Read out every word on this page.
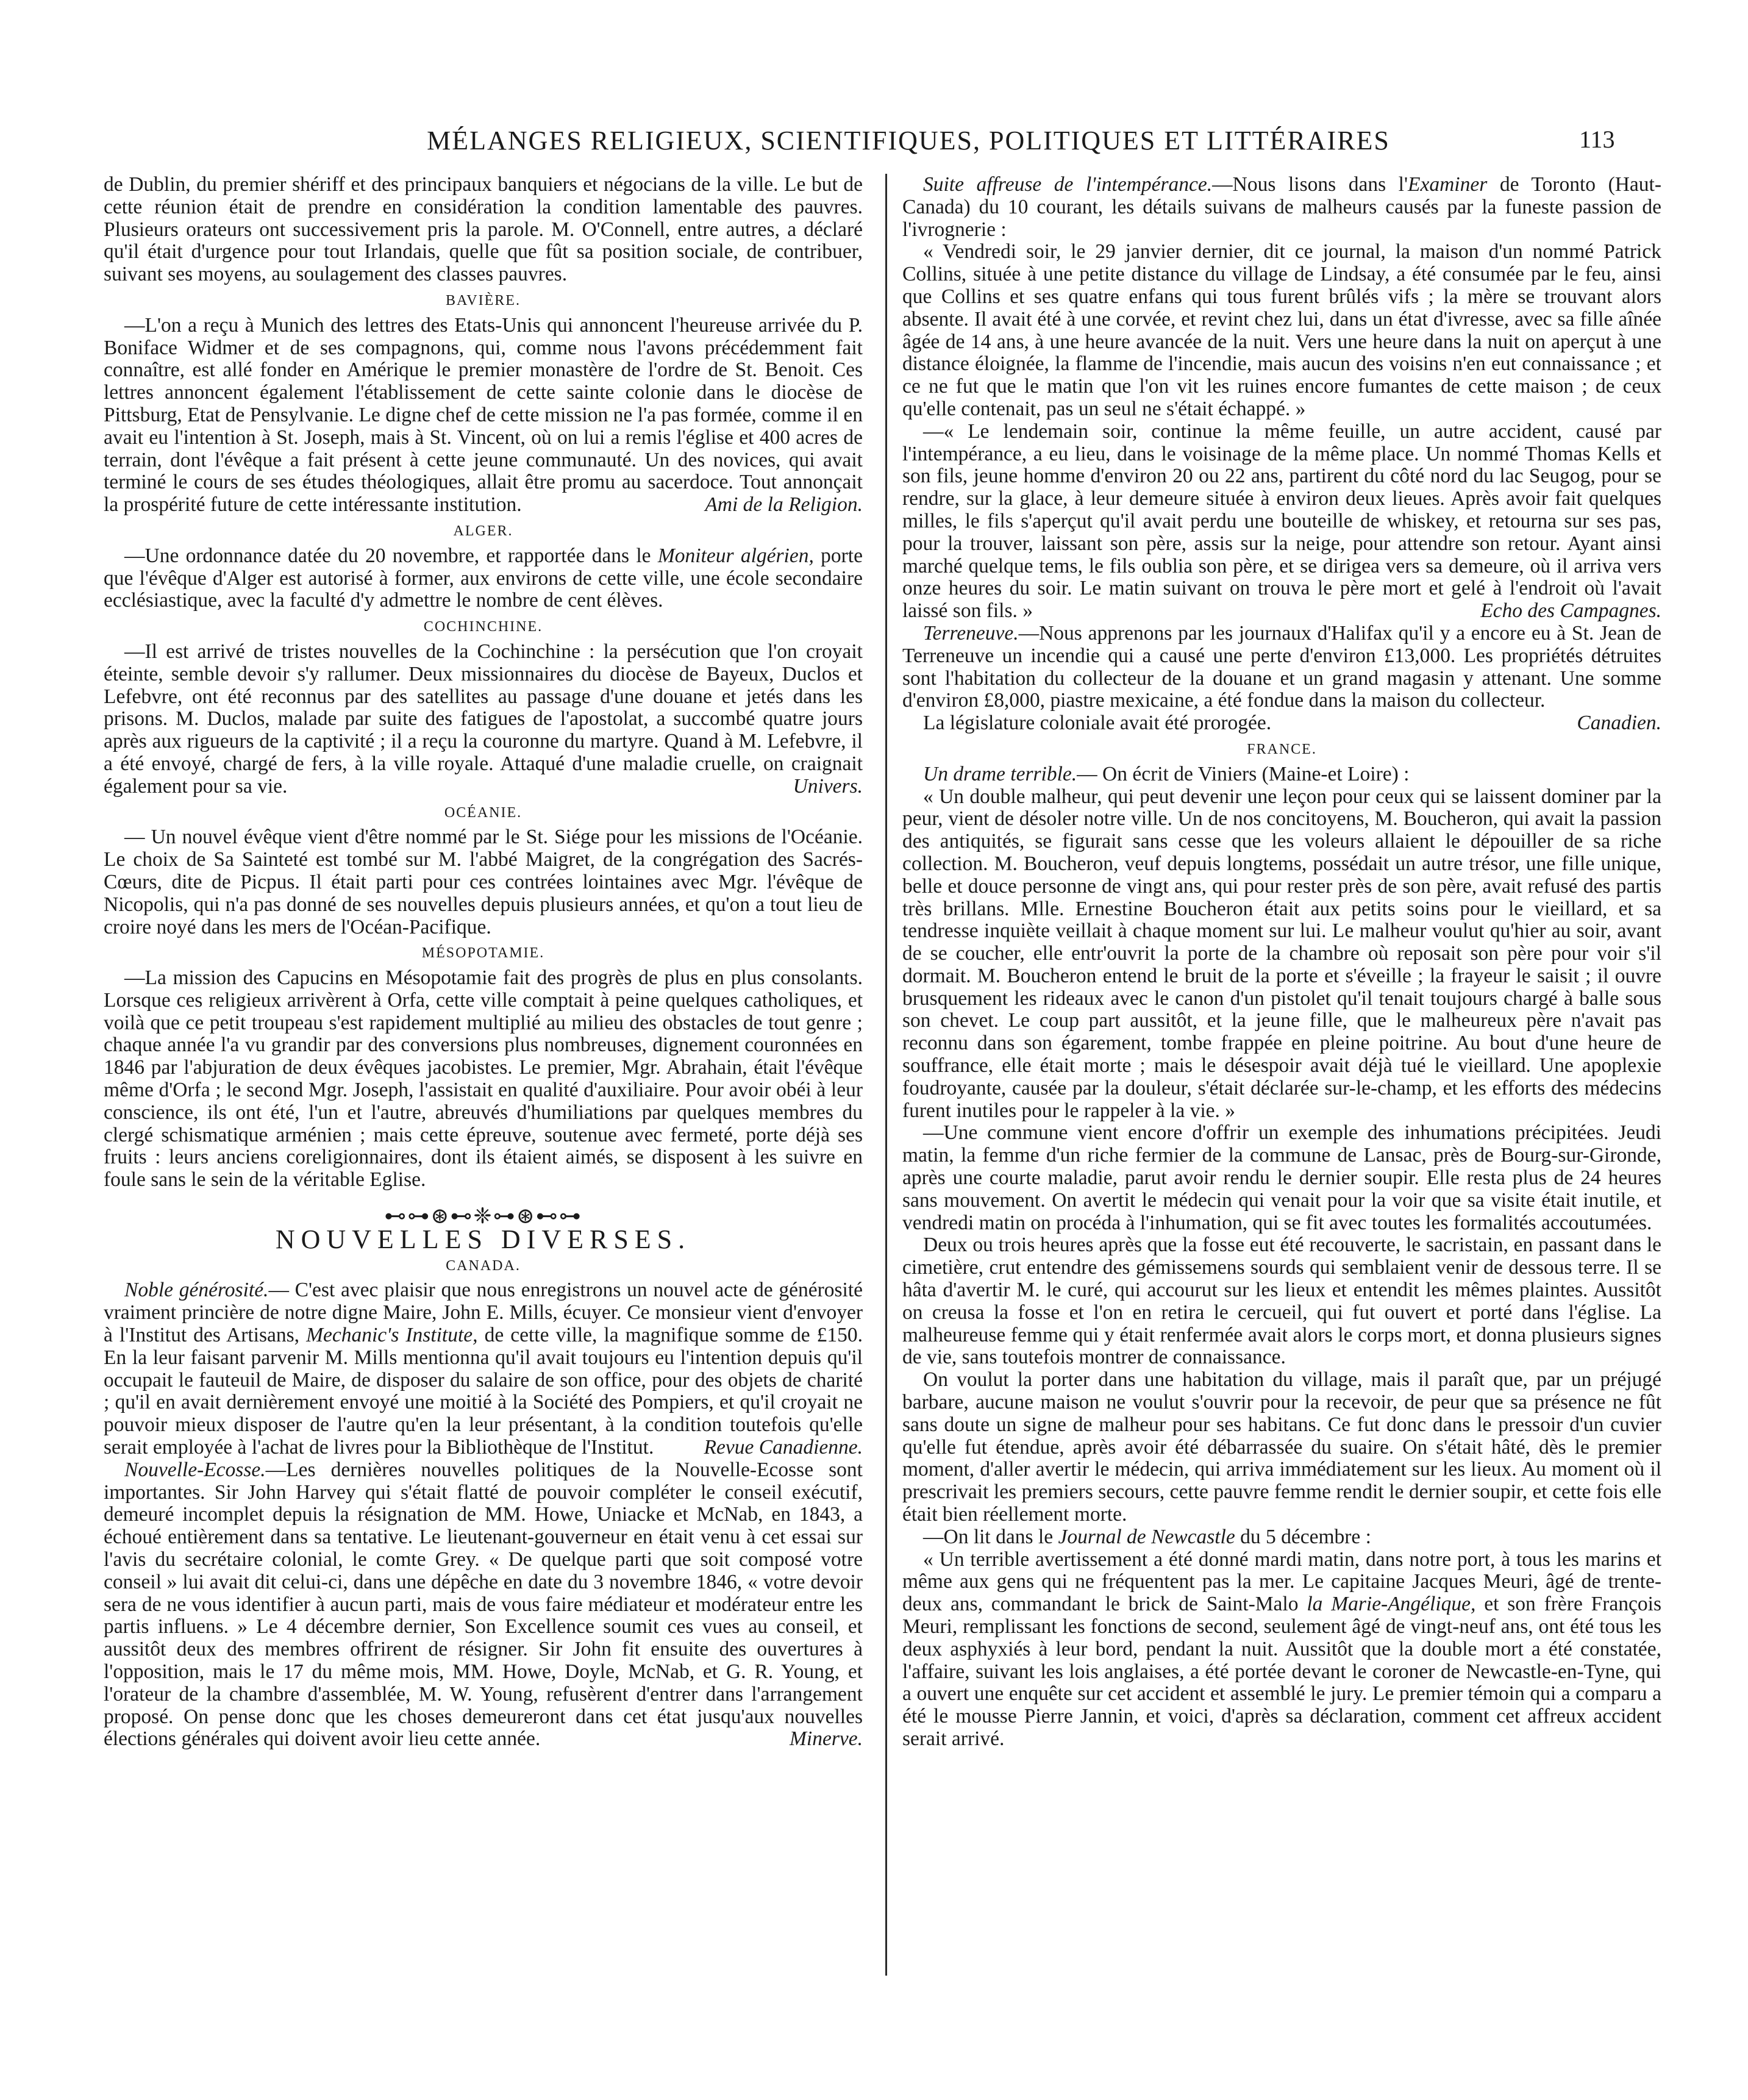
MÉLANGES RELIGIEUX, SCIENTIFIQUES, POLITIQUES ET LITTÉRAIRES	113

de Dublin, du premier shériff et des principaux banquiers et négocians de la ville. Le but de cette réunion était de prendre en considération la condition lamentable des pauvres. Plusieurs orateurs ont successivement pris la parole. M. O'Connell, entre autres, a déclaré qu'il était d'urgence pour tout Irlandais, quelle que fût sa position sociale, de contribuer, suivant ses moyens, au soulagement des classes pauvres.

BAVIÈRE.

—L'on a reçu à Munich des lettres des Etats-Unis qui annoncent l'heureuse arrivée du P. Boniface Widmer et de ses compagnons, qui, comme nous l'avons précédemment fait connaître, est allé fonder en Amérique le premier monastère de l'ordre de St. Benoit. Ces lettres annoncent également l'établissement de cette sainte colonie dans le diocèse de Pittsburg, Etat de Pensylvanie. Le digne chef de cette mission ne l'a pas formée, comme il en avait eu l'intention à St. Joseph, mais à St. Vincent, où on lui a remis l'église et 400 acres de terrain, dont l'évêque a fait présent à cette jeune communauté. Un des novices, qui avait terminé le cours de ses études théologiques, allait être promu au sacerdoce. Tout annonçait la prospérité future de cette intéressante institution.	Ami de la Religion.

ALGER.

—Une ordonnance datée du 20 novembre, et rapportée dans le Moniteur algérien, porte que l'évêque d'Alger est autorisé à former, aux environs de cette ville, une école secondaire ecclésiastique, avec la faculté d'y admettre le nombre de cent élèves.

COCHINCHINE.

—Il est arrivé de tristes nouvelles de la Cochinchine : la persécution que l'on croyait éteinte, semble devoir s'y rallumer. Deux missionnaires du diocèse de Bayeux, Duclos et Lefebvre, ont été reconnus par des satellites au passage d'une douane et jetés dans les prisons. M. Duclos, malade par suite des fatigues de l'apostolat, a succombé quatre jours après aux rigueurs de la captivité ; il a reçu la couronne du martyre. Quand à M. Lefebvre, il a été envoyé, chargé de fers, à la ville royale. Attaqué d'une maladie cruelle, on craignait également pour sa vie.	Univers.

OCÉANIE.

— Un nouvel évêque vient d'être nommé par le St. Siége pour les missions de l'Océanie. Le choix de Sa Sainteté est tombé sur M. l'abbé Maigret, de la congrégation des Sacrés-Cœurs, dite de Picpus. Il était parti pour ces contrées lointaines avec Mgr. l'évêque de Nicopolis, qui n'a pas donné de ses nouvelles depuis plusieurs années, et qu'on a tout lieu de croire noyé dans les mers de l'Océan-Pacifique.

MÉSOPOTAMIE.

—La mission des Capucins en Mésopotamie fait des progrès de plus en plus consolants. Lorsque ces religieux arrivèrent à Orfa, cette ville comptait à peine quelques catholiques, et voilà que ce petit troupeau s'est rapidement multiplié au milieu des obstacles de tout genre ; chaque année l'a vu grandir par des conversions plus nombreuses, dignement couronnées en 1846 par l'abjuration de deux évêques jacobistes. Le premier, Mgr. Abrahain, était l'évêque même d'Orfa ; le second Mgr. Joseph, l'assistait en qualité d'auxiliaire. Pour avoir obéi à leur conscience, ils ont été, l'un et l'autre, abreuvés d'humiliations par quelques membres du clergé schismatique arménien ; mais cette épreuve, soutenue avec fermeté, porte déjà ses fruits : leurs anciens coreligionnaires, dont ils étaient aimés, se disposent à les suivre en foule sans le sein de la véritable Eglise.

⊷⊶⊛⊷❈⊶⊛⊷⊶
NOUVELLES DIVERSES.
CANADA.

Noble générosité.— C'est avec plaisir que nous enregistrons un nouvel acte de générosité vraiment princière de notre digne Maire, John E. Mills, écuyer. Ce monsieur vient d'envoyer à l'Institut des Artisans, Mechanic's Institute, de cette ville, la magnifique somme de £150. En la leur faisant parvenir M. Mills mentionna qu'il avait toujours eu l'intention depuis qu'il occupait le fauteuil de Maire, de disposer du salaire de son office, pour des objets de charité ; qu'il en avait dernièrement envoyé une moitié à la Société des Pompiers, et qu'il croyait ne pouvoir mieux disposer de l'autre qu'en la leur présentant, à la condition toutefois qu'elle serait employée à l'achat de livres pour la Bibliothèque de l'Institut.	Revue Canadienne.

Nouvelle-Ecosse.—Les dernières nouvelles politiques de la Nouvelle-Ecosse sont importantes. Sir John Harvey qui s'était flatté de pouvoir compléter le conseil exécutif, demeuré incomplet depuis la résignation de MM. Howe, Uniacke et McNab, en 1843, a échoué entièrement dans sa tentative. Le lieutenant-gouverneur en était venu à cet essai sur l'avis du secrétaire colonial, le comte Grey. « De quelque parti que soit composé votre conseil » lui avait dit celui-ci, dans une dépêche en date du 3 novembre 1846, « votre devoir sera de ne vous identifier à aucun parti, mais de vous faire médiateur et modérateur entre les partis influens. » Le 4 décembre dernier, Son Excellence soumit ces vues au conseil, et aussitôt deux des membres offrirent de résigner. Sir John fit ensuite des ouvertures à l'opposition, mais le 17 du même mois, MM. Howe, Doyle, McNab, et G. R. Young, et l'orateur de la chambre d'assemblée, M. W. Young, refusèrent d'entrer dans l'arrangement proposé. On pense donc que les choses demeureront dans cet état jusqu'aux nouvelles élections générales qui doivent avoir lieu cette année.	Minerve.

Suite affreuse de l'intempérance.—Nous lisons dans l'Examiner de Toronto (Haut-Canada) du 10 courant, les détails suivans de malheurs causés par la funeste passion de l'ivrognerie :

« Vendredi soir, le 29 janvier dernier, dit ce journal, la maison d'un nommé Patrick Collins, située à une petite distance du village de Lindsay, a été consumée par le feu, ainsi que Collins et ses quatre enfans qui tous furent brûlés vifs ; la mère se trouvant alors absente. Il avait été à une corvée, et revint chez lui, dans un état d'ivresse, avec sa fille aînée âgée de 14 ans, à une heure avancée de la nuit. Vers une heure dans la nuit on aperçut à une distance éloignée, la flamme de l'incendie, mais aucun des voisins n'en eut connaissance ; et ce ne fut que le matin que l'on vit les ruines encore fumantes de cette maison ; de ceux qu'elle contenait, pas un seul ne s'était échappé. »

—« Le lendemain soir, continue la même feuille, un autre accident, causé par l'intempérance, a eu lieu, dans le voisinage de la même place. Un nommé Thomas Kells et son fils, jeune homme d'environ 20 ou 22 ans, partirent du côté nord du lac Seugog, pour se rendre, sur la glace, à leur demeure située à environ deux lieues. Après avoir fait quelques milles, le fils s'aperçut qu'il avait perdu une bouteille de whiskey, et retourna sur ses pas, pour la trouver, laissant son père, assis sur la neige, pour attendre son retour. Ayant ainsi marché quelque tems, le fils oublia son père, et se dirigea vers sa demeure, où il arriva vers onze heures du soir. Le matin suivant on trouva le père mort et gelé à l'endroit où l'avait laissé son fils. »	Echo des Campagnes.

Terreneuve.—Nous apprenons par les journaux d'Halifax qu'il y a encore eu à St. Jean de Terreneuve un incendie qui a causé une perte d'environ £13,000. Les propriétés détruites sont l'habitation du collecteur de la douane et un grand magasin y attenant. Une somme d'environ £8,000, piastre mexicaine, a été fondue dans la maison du collecteur.

La législature coloniale avait été prorogée.	Canadien.

FRANCE.

Un drame terrible.— On écrit de Viniers (Maine-et Loire) :

« Un double malheur, qui peut devenir une leçon pour ceux qui se laissent dominer par la peur, vient de désoler notre ville. Un de nos concitoyens, M. Boucheron, qui avait la passion des antiquités, se figurait sans cesse que les voleurs allaient le dépouiller de sa riche collection. M. Boucheron, veuf depuis longtems, possédait un autre trésor, une fille unique, belle et douce personne de vingt ans, qui pour rester près de son père, avait refusé des partis très brillans. Mlle. Ernestine Boucheron était aux petits soins pour le vieillard, et sa tendresse inquiète veillait à chaque moment sur lui. Le malheur voulut qu'hier au soir, avant de se coucher, elle entr'ouvrit la porte de la chambre où reposait son père pour voir s'il dormait. M. Boucheron entend le bruit de la porte et s'éveille ; la frayeur le saisit ; il ouvre brusquement les rideaux avec le canon d'un pistolet qu'il tenait toujours chargé à balle sous son chevet. Le coup part aussitôt, et la jeune fille, que le malheureux père n'avait pas reconnu dans son égarement, tombe frappée en pleine poitrine. Au bout d'une heure de souffrance, elle était morte ; mais le désespoir avait déjà tué le vieillard. Une apoplexie foudroyante, causée par la douleur, s'était déclarée sur-le-champ, et les efforts des médecins furent inutiles pour le rappeler à la vie. »

—Une commune vient encore d'offrir un exemple des inhumations précipitées. Jeudi matin, la femme d'un riche fermier de la commune de Lansac, près de Bourg-sur-Gironde, après une courte maladie, parut avoir rendu le dernier soupir. Elle resta plus de 24 heures sans mouvement. On avertit le médecin qui venait pour la voir que sa visite était inutile, et vendredi matin on procéda à l'inhumation, qui se fit avec toutes les formalités accoutumées.

Deux ou trois heures après que la fosse eut été recouverte, le sacristain, en passant dans le cimetière, crut entendre des gémissemens sourds qui semblaient venir de dessous terre. Il se hâta d'avertir M. le curé, qui accourut sur les lieux et entendit les mêmes plaintes. Aussitôt on creusa la fosse et l'on en retira le cercueil, qui fut ouvert et porté dans l'église. La malheureuse femme qui y était renfermée avait alors le corps mort, et donna plusieurs signes de vie, sans toutefois montrer de connaissance.

On voulut la porter dans une habitation du village, mais il paraît que, par un préjugé barbare, aucune maison ne voulut s'ouvrir pour la recevoir, de peur que sa présence ne fût sans doute un signe de malheur pour ses habitans. Ce fut donc dans le pressoir d'un cuvier qu'elle fut étendue, après avoir été débarrassée du suaire. On s'était hâté, dès le premier moment, d'aller avertir le médecin, qui arriva immédiatement sur les lieux. Au moment où il prescrivait les premiers secours, cette pauvre femme rendit le dernier soupir, et cette fois elle était bien réellement morte.

—On lit dans le Journal de Newcastle du 5 décembre :

« Un terrible avertissement a été donné mardi matin, dans notre port, à tous les marins et même aux gens qui ne fréquentent pas la mer. Le capitaine Jacques Meuri, âgé de trente-deux ans, commandant le brick de Saint-Malo la Marie-Angélique, et son frère François Meuri, remplissant les fonctions de second, seulement âgé de vingt-neuf ans, ont été tous les deux asphyxiés à leur bord, pendant la nuit. Aussitôt que la double mort a été constatée, l'affaire, suivant les lois anglaises, a été portée devant le coroner de Newcastle-en-Tyne, qui a ouvert une enquête sur cet accident et assemblé le jury. Le premier témoin qui a comparu a été le mousse Pierre Jannin, et voici, d'après sa déclaration, comment cet affreux accident serait arrivé.
